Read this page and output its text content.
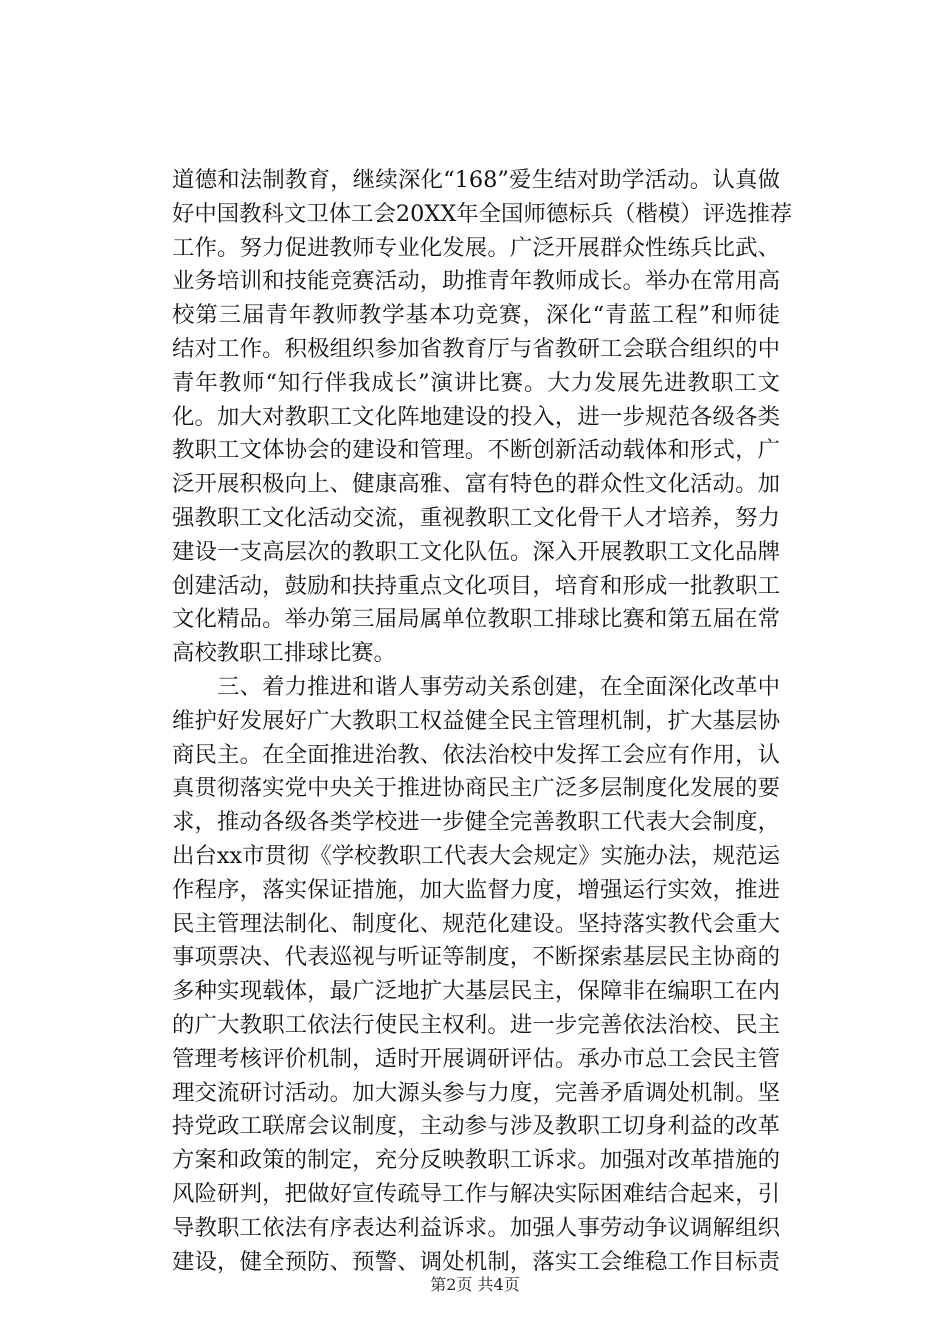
道德和法制教育，继续深化“168”爱生结对助学活动。认真做
好中国教科文卫体工会20XX年全国师德标兵（楷模）评选推荐
工作。努力促进教师专业化发展。广泛开展群众性练兵比武、
业务培训和技能竞赛活动，助推青年教师成长。举办在常用高
校第三届青年教师教学基本功竞赛，深化“青蓝工程”和师徒
结对工作。积极组织参加省教育厅与省教研工会联合组织的中
青年教师“知行伴我成长”演讲比赛。大力发展先进教职工文
化。加大对教职工文化阵地建设的投入，进一步规范各级各类
教职工文体协会的建设和管理。不断创新活动载体和形式，广
泛开展积极向上、健康高雅、富有特色的群众性文化活动。加
强教职工文化活动交流，重视教职工文化骨干人才培养，努力
建设一支高层次的教职工文化队伍。深入开展教职工文化品牌
创建活动，鼓励和扶持重点文化项目，培育和形成一批教职工
文化精品。举办第三届局属单位教职工排球比赛和第五届在常
高校教职工排球比赛。
　　三、着力推进和谐人事劳动关系创建，在全面深化改革中
维护好发展好广大教职工权益健全民主管理机制，扩大基层协
商民主。在全面推进治教、依法治校中发挥工会应有作用，认
真贯彻落实党中央关于推进协商民主广泛多层制度化发展的要
求，推动各级各类学校进一步健全完善教职工代表大会制度，
出台xx市贯彻《学校教职工代表大会规定》实施办法，规范运
作程序，落实保证措施，加大监督力度，增强运行实效，推进
民主管理法制化、制度化、规范化建设。坚持落实教代会重大
事项票决、代表巡视与听证等制度，不断探索基层民主协商的
多种实现载体，最广泛地扩大基层民主，保障非在编职工在内
的广大教职工依法行使民主权利。进一步完善依法治校、民主
管理考核评价机制，适时开展调研评估。承办市总工会民主管
理交流研讨活动。加大源头参与力度，完善矛盾调处机制。坚
持党政工联席会议制度，主动参与涉及教职工切身利益的改革
方案和政策的制定，充分反映教职工诉求。加强对改革措施的
风险研判，把做好宣传疏导工作与解决实际困难结合起来，引
导教职工依法有序表达利益诉求。加强人事劳动争议调解组织
建设，健全预防、预警、调处机制，落实工会维稳工作目标责
第2页 共4页
